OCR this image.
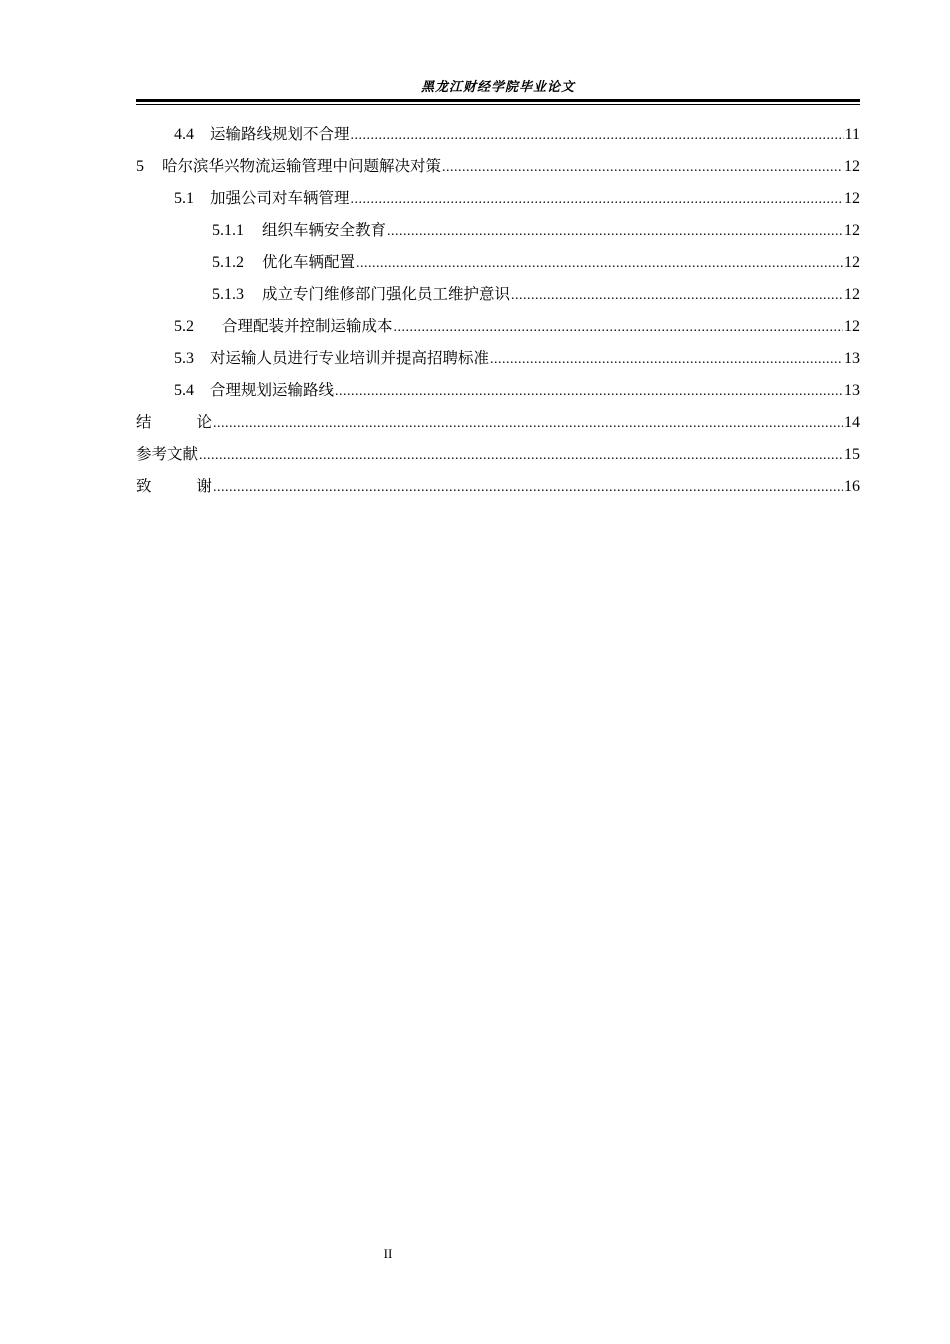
黑龙江财经学院毕业论文
4.4 运输路线规划不合理 .....	11
5 哈尔滨华兴物流运输管理中问题解决对策 .....	12
5.1 加强公司对车辆管理 .....	12
5.1.1 组织车辆安全教育 .....	12
5.1.2 优化车辆配置 .....	12
5.1.3 成立专门维修部门强化员工维护意识 .....	12
5.2 合理配装并控制运输成本 .....	12
5.3 对运输人员进行专业培训并提高招聘标准 .....	13
5.4 合理规划运输路线 .....	13
结 论 .....	14
参考文献 .....	15
致 谢 .....	16
II
